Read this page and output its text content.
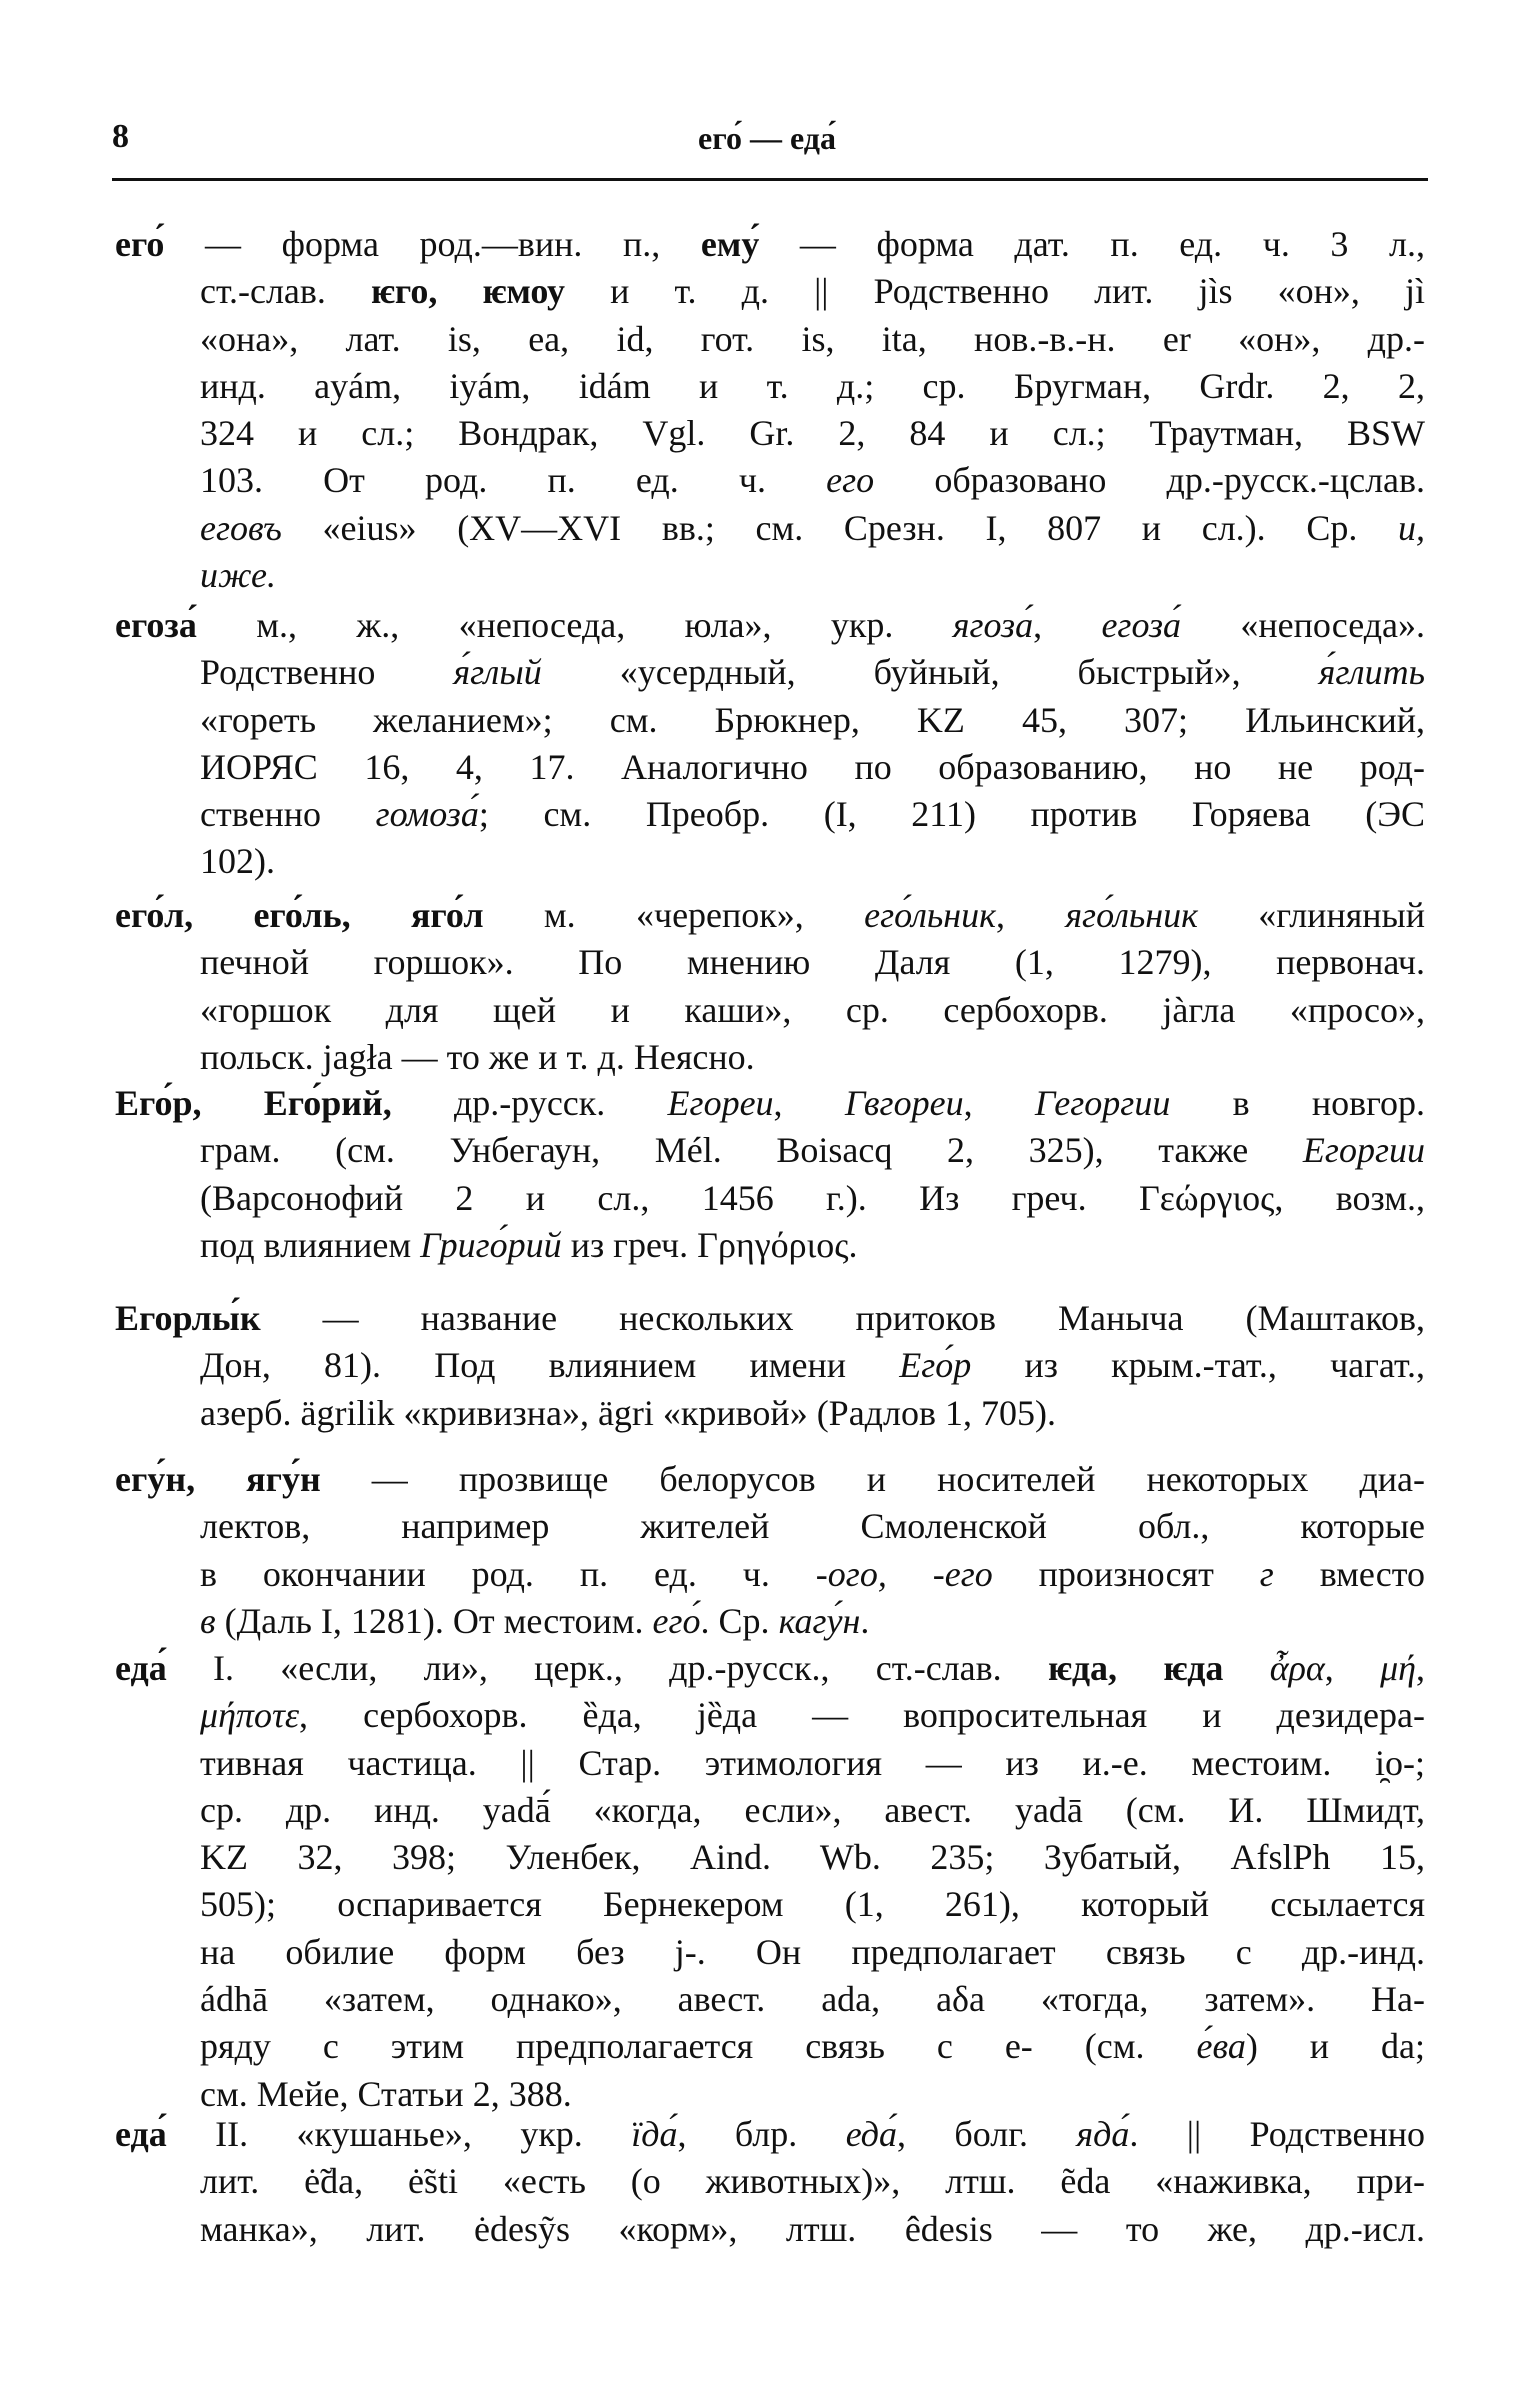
8	его́ — еда́
его́ — форма род.—вин. п., ему́ — форма дат. п. ед. ч. 3 л.,
ст.-слав. ѥго, ѥмоу и т. д. || Родственно лит. jìs «он», jì
«она», лат. is, ea, id, гот. is, ita, нов.-в.-н. er «он», др.-
инд. ayám, iyám, idám и т. д.; ср. Бругман, Grdr. 2, 2,
324 и сл.; Вондрак, Vgl. Gr. 2, 84 и сл.; Траутман, BSW
103. От род. п. ед. ч. его образовано др.-русск.-цслав.
еговъ «eius» (XV—XVI вв.; см. Срезн. I, 807 и сл.). Ср. и,
иже.
егоза́ м., ж., «непоседа, юла», укр. ягоза́, егоза́ «непоседа».
Родственно я́глый «усердный, буйный, быстрый», я́глить
«гореть желанием»; см. Брюкнер, KZ 45, 307; Ильинский,
ИОРЯС 16, 4, 17. Аналогично по образованию, но не род-
ственно гомоза́; см. Преобр. (I, 211) против Горяева (ЭС
102).
его́л, его́ль, яго́л м. «черепок», его́льник, яго́льник «глиняный
печной горшок». По мнению Даля (1, 1279), первонач.
«горшок для щей и каши», ср. сербохорв. jàгла «просо»,
польск. jagła — то же и т. д. Неясно.
Его́р, Его́рий, др.-русск. Егореи, Гвгореи, Гегоргии в новгор.
грам. (см. Унбегаун, Mél. Boisacq 2, 325), также Егоргии
(Варсонофий 2 и сл., 1456 г.). Из греч. Γεώργιος, возм.,
под влиянием Григо́рий из греч. Γρηγόριος.
Егорлы́к — название нескольких притоков Маныча (Маштаков,
Дон, 81). Под влиянием имени Его́р из крым.-тат., чагат.,
азерб. ägrilik «кривизна», ägri «кривой» (Радлов 1, 705).
егу́н, ягу́н — прозвище белорусов и носителей некоторых диа-
лектов, например жителей Смоленской обл., которые
в окончании род. п. ед. ч. -ого, -его произносят г вместо
в (Даль I, 1281). От местоим. его́. Ср. кагу́н.
еда́ I. «если, ли», церк., др.-русск., ст.-слав. ѥда, ѥда ἆρα, μή,
μήποτε, сербохорв. ȅда, jȅда — вопросительная и дезидера-
тивная частица. || Стар. этимология — из и.-е. местоим. i̯o-;
ср. др. инд. yadā́ «когда, если», авест. yadā (см. И. Шмидт,
KZ 32, 398; Уленбек, Aind. Wb. 235; Зубатый, AfslPh 15,
505); оспаривается Бернекером (1, 261), который ссылается
на обилие форм без j-. Он предполагает связь с др.-инд.
ádhā «затем, однако», авест. ada, aδa «тогда, затем». На-
ряду с этим предполагается связь с е- (см. е́ва) и da;
см. Мейе, Статьи 2, 388.
еда́ II. «кушанье», укр. їда́, блр. еда́, болг. яда́. || Родственно
лит. ė̃da, ė̃sti «есть (о животных)», лтш. ẽda «наживка, при-
манка», лит. ėdesỹs «корм», лтш. êdesis — то же, др.-исл.
